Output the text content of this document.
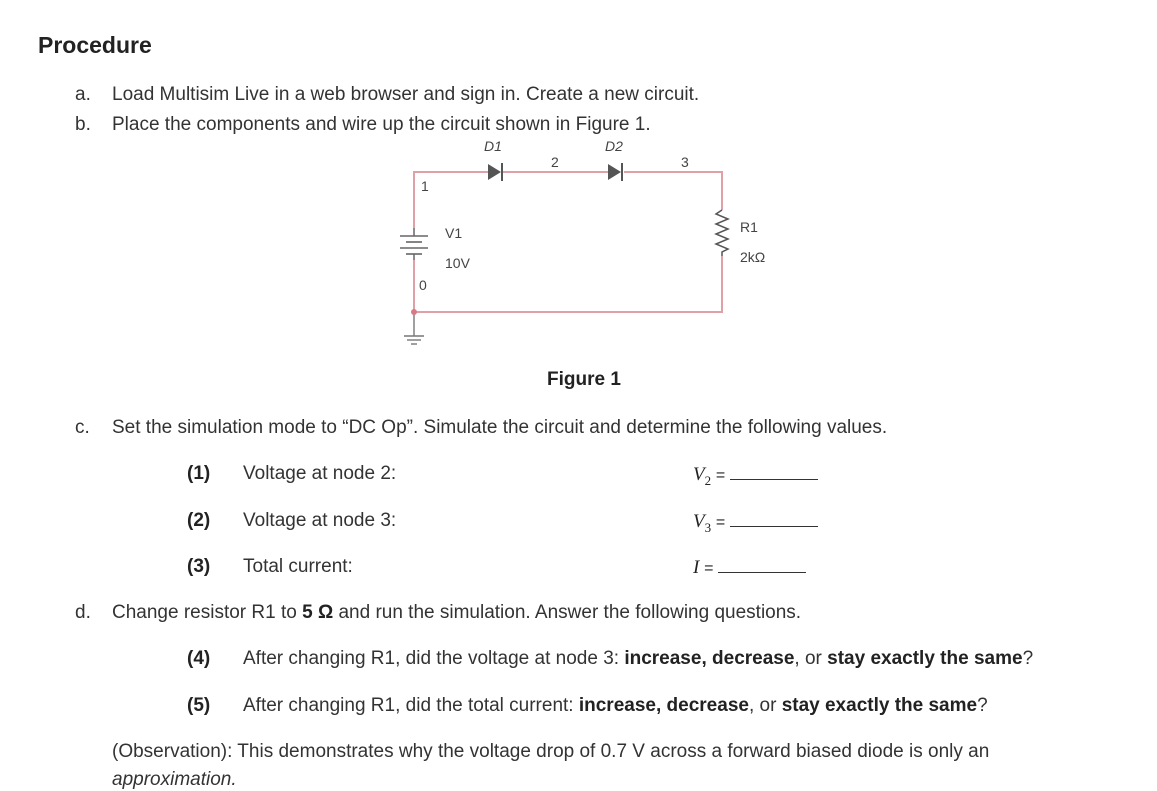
Procedure
a. Load Multisim Live in a web browser and sign in. Create a new circuit.
b. Place the components and wire up the circuit shown in Figure 1.
D1	D2
2	3
1
0
V1
10V
R1
2kΩ
Figure 1
c. Set the simulation mode to “DC Op”. Simulate the circuit and determine the following values.
(1) Voltage at node 2:	$V_2$ =
(2) Voltage at node 3:	$V_3$ =
(3) Total current:	I =
d. Change resistor R1 to 5 Ω and run the simulation. Answer the following questions.
(4) After changing R1, did the voltage at node 3: increase, decrease, or stay exactly the same?
(5) After changing R1, did the total current: increase, decrease, or stay exactly the same?
(Observation): This demonstrates why the voltage drop of 0.7 V across a forward biased diode is only an
approximation.
